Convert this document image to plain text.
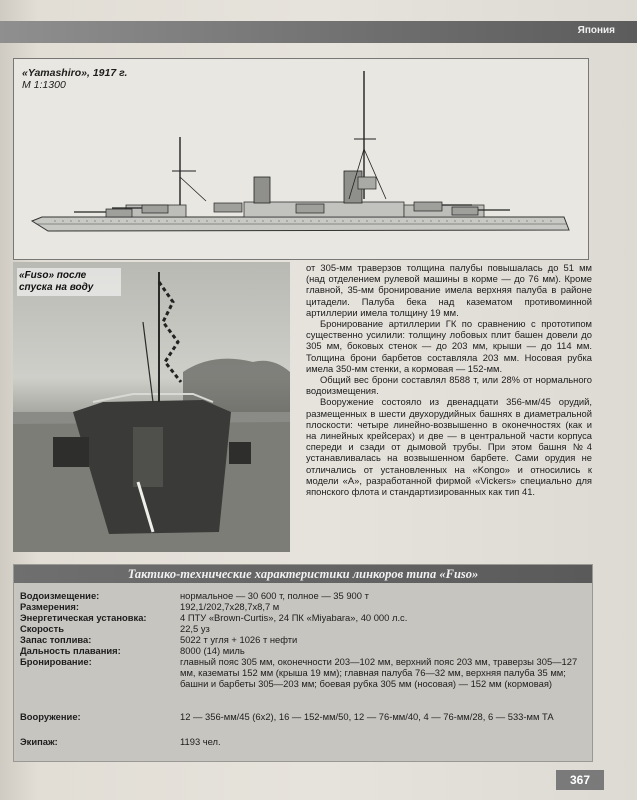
Япония
«Yamashiro», 1917 г.
М 1:1300
«Fuso» после спуска на воду

от 305-мм траверзов толщина палубы повышалась до 51 мм (над отделением рулевой машины в корме — до 76 мм). Кроме главной, 35-мм бронирование имела верхняя палуба в районе цитадели. Палуба бека над казематом противоминной артиллерии имела толщину 19 мм.

Бронирование артиллерии ГК по сравнению с прототипом существенно усилили: толщину лобовых плит башен довели до 305 мм, боковых стенок — до 203 мм, крыши — до 114 мм. Толщина брони барбетов составляла 203 мм. Носовая рубка имела 350-мм стенки, а кормовая — 152-мм.

Общий вес брони составлял 8588 т, или 28% от нормального водоизмещения.

Вооружение состояло из двенадцати 356-мм/45 орудий, размещенных в шести двухорудийных башнях в диаметральной плоскости: четыре линейно-возвышенно в оконечностях (как и на линейных крейсерах) и две — в центральной части корпуса спереди и сзади от дымовой трубы. При этом башня №4 устанавливалась на возвышенном барбете. Сами орудия не отличались от установленных на «Kongo» и относились к модели «А», разработанной фирмой «Vickers» специально для японского флота и стандартизированных как тип 41.

Тактико-технические характеристики линкоров типа «Fuso»
Водоизмещение:	нормальное — 30 600 т, полное — 35 900 т
Размерения:	192,1/202,7х28,7х8,7 м
Энергетическая установка:	4 ПТУ «Brown-Curtis», 24 ПК «Miyabara», 40 000 л.с.
Скорость	22,5 уз
Запас топлива:	5022 т угля + 1026 т нефти
Дальность плавания:	8000 (14) миль
Бронирование:	главный пояс 305 мм, оконечности 203—102 мм, верхний пояс 203 мм, траверзы 305—127 мм, казематы 152 мм (крыша 19 мм); главная палуба 76—32 мм, верхняя палуба 35 мм; башни и барбеты 305—203 мм; боевая рубка 305 мм (носовая) — 152 мм (кормовая)
Вооружение:	12 — 356-мм/45 (6х2), 16 — 152-мм/50, 12 — 76-мм/40, 4 — 76-мм/28, 6 — 533-мм ТА
Экипаж:	1193 чел.
367
